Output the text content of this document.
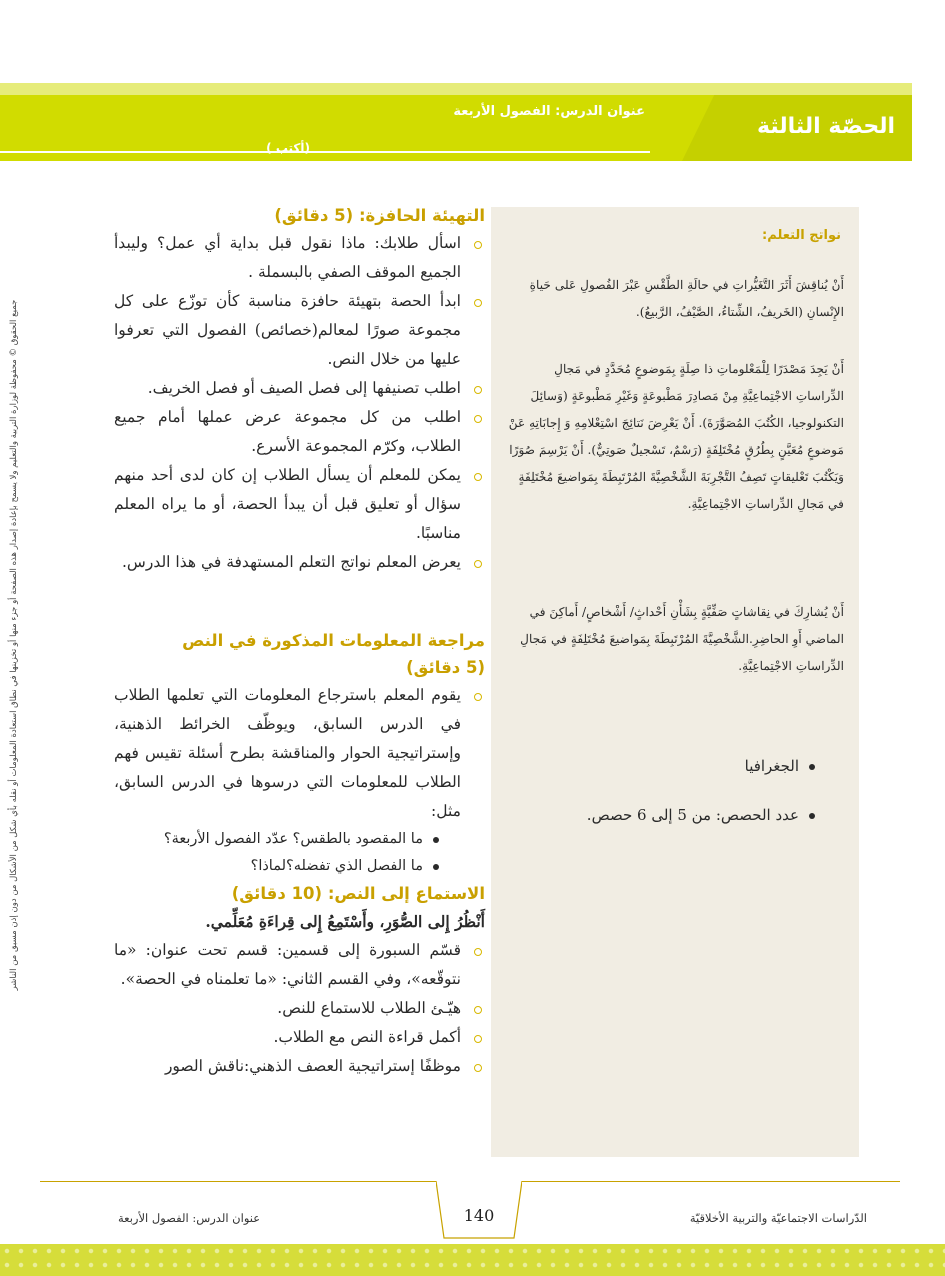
الحصّة الثالثة
عنوان الدرس: الفصول الأربعة
(أكتب )
جميع الحقوق © محفوظة لوزارة التربية والتعليم ولا يسمح بإعادة إصدار هذه الصفحة أو جزء منها أو تخزينها في نطاق استعادة المعلومات أو نقله بأي شكل من الأشكال من دون إذن مسبق من الناشر
نواتج التعلم:
أَنْ يُناقِشَ أَثَرَ التَّغَيُّراتِ في حالَةِ الطَّقْسِ عَبْرَ الفُصولِ عَلى حَياةِ الإِنْسانِ (الخَريفُ، الشِّتاءُ، الصَّيْفُ، الرَّبيعُ).
أَنْ يَجِدَ مَصْدَرًا لِلْمَعْلوماتِ ذا صِلَةٍ بِمَوضوعٍ مُحَدَّدٍ في مَجالِ الدِّراساتِ الاجْتِماعِيَّةِ مِنْ مَصادِرَ مَطْبوعَةٍ وَغَيْرِ مَطْبوعَةٍ (وَسائِلَ التكنولوجيا، الكُتُبَ المُصَوَّرَةَ). أَنْ يَعْرِضَ نَتائِجَ اسْتِعْلامِهِ وَ إِجابَاتِهِ عَنْ مَوضوعٍ مُعَيَّنٍ بِطُرُقٍ مُخْتَلِفَةٍ (رَسْمٌ، تَسْجيلٌ صَوتِيٌّ). أَنْ يَرْسِمَ صُوَرًا وَيَكْتُبَ تَعْليقاتٍ تَصِفُ التَّجْرِبَةَ الشَّخْصِيَّةَ المُرْتَبِطَةَ بِمَواضيعَ مُخْتَلِفَةٍ في مَجالِ الدِّراساتِ الاجْتِماعِيَّةِ.
أَنْ يُشارِكَ في نِقاشاتٍ صَفِّيَّةٍ بِشَأْنِ أَحْداثٍ/ أَشْخاصٍ/ أَماكِنَ في الماضي أَوِ الحاضِرِ.الشَّخْصِيَّةَ المُرْتَبِطَةَ بِمَواضيعَ مُخْتَلِفَةٍ في مَجالِ الدِّراساتِ الاجْتِماعِيَّةِ.
الجغرافيا
عدد الحصص: من 5 إلى 6 حصص.
التهيئة الحافزة: (5 دقائق)
اسأل طلابك: ماذا نقول قبل بداية أي عمل؟ وليبدأ الجميع الموقف الصفي بالبسملة .
ابدأ الحصة بتهيئة حافزة مناسبة كأن توزّع على كل مجموعة صورًا لمعالم(خصائص) الفصول التي تعرفوا عليها من خلال النص.
اطلب تصنيفها إلى فصل الصيف أو فصل الخريف.
اطلب من كل مجموعة عرض عملها أمام جميع الطلاب، وكرّم المجموعة الأسرع.
يمكن للمعلم أن يسأل الطلاب إن كان لدى أحد منهم سؤال أو تعليق قبل أن يبدأ الحصة، أو ما يراه المعلم مناسبًا.
يعرض المعلم نواتج التعلم المستهدفة في هذا الدرس.
مراجعة المعلومات المذكورة في النص
(5 دقائق)
يقوم المعلم باسترجاع المعلومات التي تعلمها الطلاب في الدرس السابق، ويوظّف الخرائط الذهنية، وإستراتيجية الحوار والمناقشة بطرح أسئلة تقيس فهم الطلاب للمعلومات التي درسوها في الدرس السابق، مثل:
ما المقصود بالطقس؟ عدّد الفصول الأربعة؟
ما الفصل الذي تفضله؟لماذا؟
الاستماع إلى النص: (10 دقائق)

أَنْظُرُ إِلى الصُّوَرِ، وأَسْتَمِعُ إِلى قِراءَةِ مُعَلِّمي.

قسّم السبورة إلى قسمين: قسم تحت عنوان: «ما نتوقّعه»، وفي القسم الثاني: «ما تعلمناه في الحصة».
هيّـئ الطلاب للاستماع للنص.
أكمل قراءة النص مع الطلاب.
موظفًا إستراتيجية العصف الذهني:ناقش الصور
140	الدّراسات الاجتماعيّة والتربية الأخلاقيّة
عنوان الدرس: الفصول الأربعة
